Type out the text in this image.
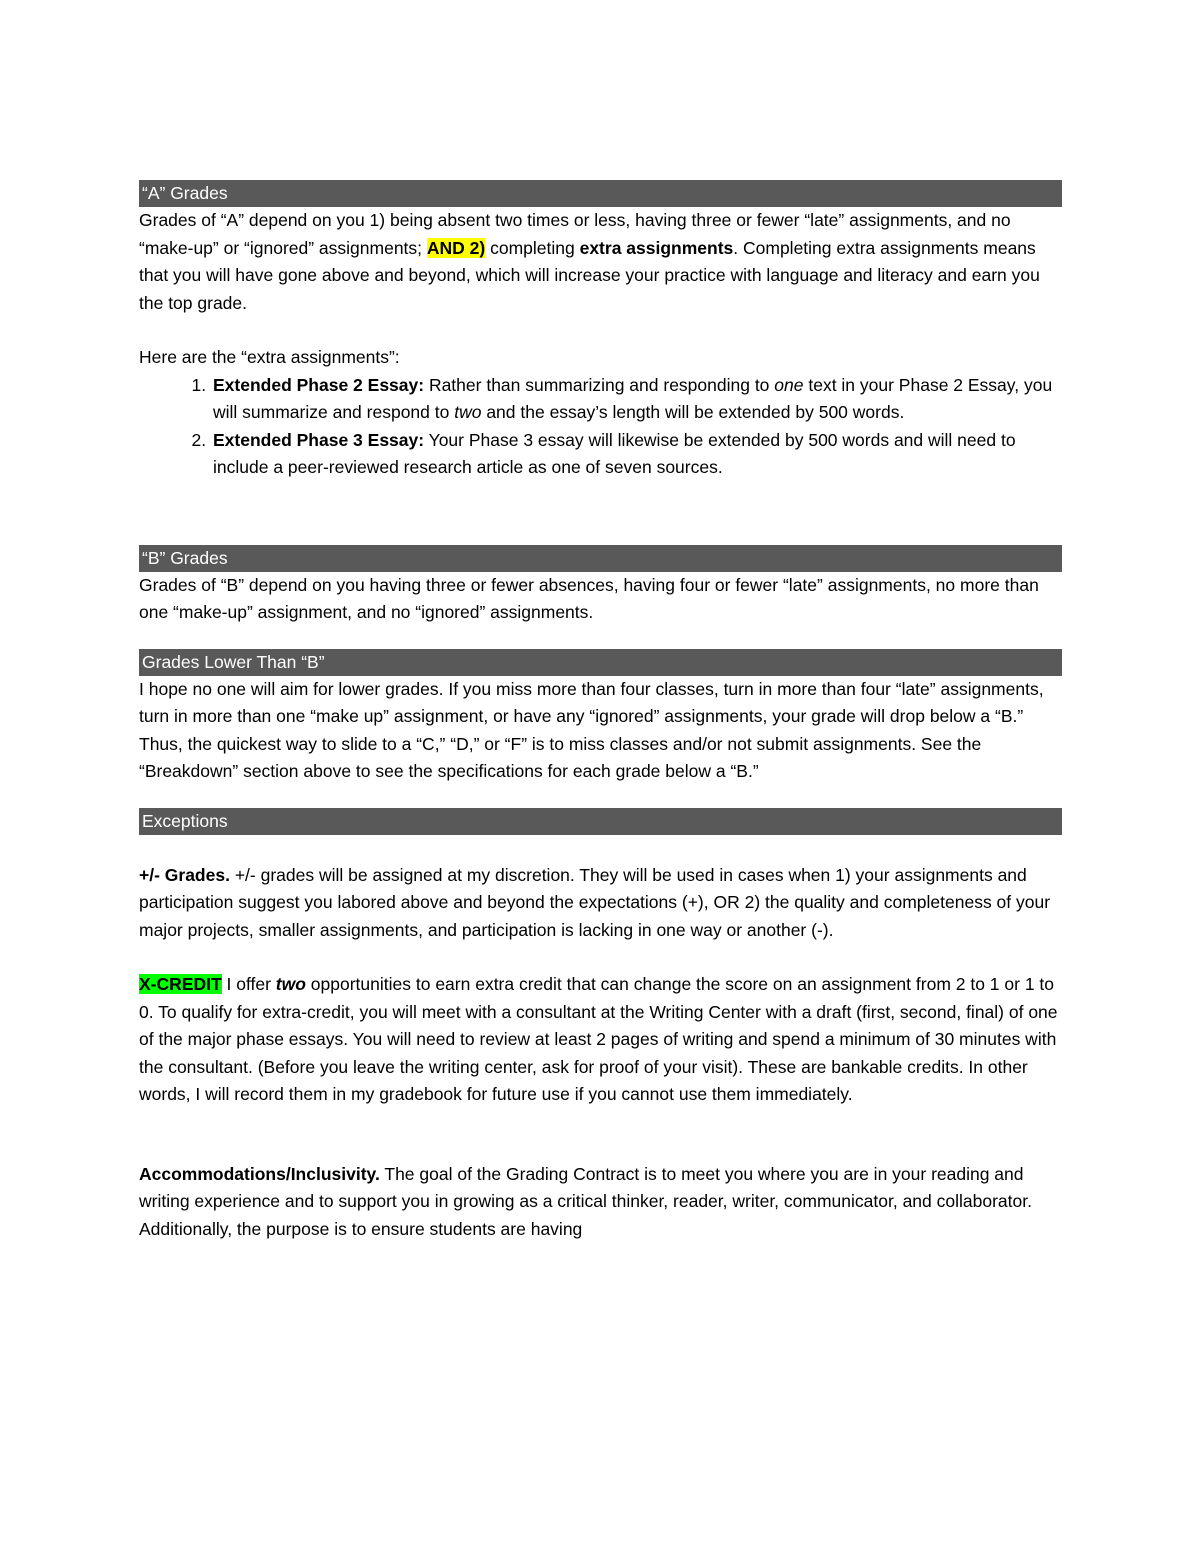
“A” Grades

Grades of “A” depend on you 1) being absent two times or less, having three or fewer “late” assignments, and no “make-up” or “ignored” assignments; AND 2) completing extra assignments. Completing extra assignments means that you will have gone above and beyond, which will increase your practice with language and literacy and earn you the top grade.

Here are the “extra assignments”:

1. Extended Phase 2 Essay: Rather than summarizing and responding to one text in your Phase 2 Essay, you will summarize and respond to two and the essay’s length will be extended by 500 words.
2. Extended Phase 3 Essay: Your Phase 3 essay will likewise be extended by 500 words and will need to include a peer-reviewed research article as one of seven sources.
“B” Grades

Grades of “B” depend on you having three or fewer absences, having four or fewer “late” assignments, no more than one “make-up” assignment, and no “ignored” assignments.

Grades Lower Than “B”

I hope no one will aim for lower grades. If you miss more than four classes, turn in more than four “late” assignments, turn in more than one “make up” assignment, or have any “ignored” assignments, your grade will drop below a “B.” Thus, the quickest way to slide to a “C,” “D,” or “F” is to miss classes and/or not submit assignments. See the “Breakdown” section above to see the specifications for each grade below a “B.”

Exceptions

+/- Grades. +/- grades will be assigned at my discretion. They will be used in cases when 1) your assignments and participation suggest you labored above and beyond the expectations (+), OR 2) the quality and completeness of your major projects, smaller assignments, and participation is lacking in one way or another (-).

X-CREDIT I offer two opportunities to earn extra credit that can change the score on an assignment from 2 to 1 or 1 to 0. To qualify for extra-credit, you will meet with a consultant at the Writing Center with a draft (first, second, final) of one of the major phase essays. You will need to review at least 2 pages of writing and spend a minimum of 30 minutes with the consultant. (Before you leave the writing center, ask for proof of your visit). These are bankable credits. In other words, I will record them in my gradebook for future use if you cannot use them immediately.

Accommodations/Inclusivity. The goal of the Grading Contract is to meet you where you are in your reading and writing experience and to support you in growing as a critical thinker, reader, writer, communicator, and collaborator. Additionally, the purpose is to ensure students are having
